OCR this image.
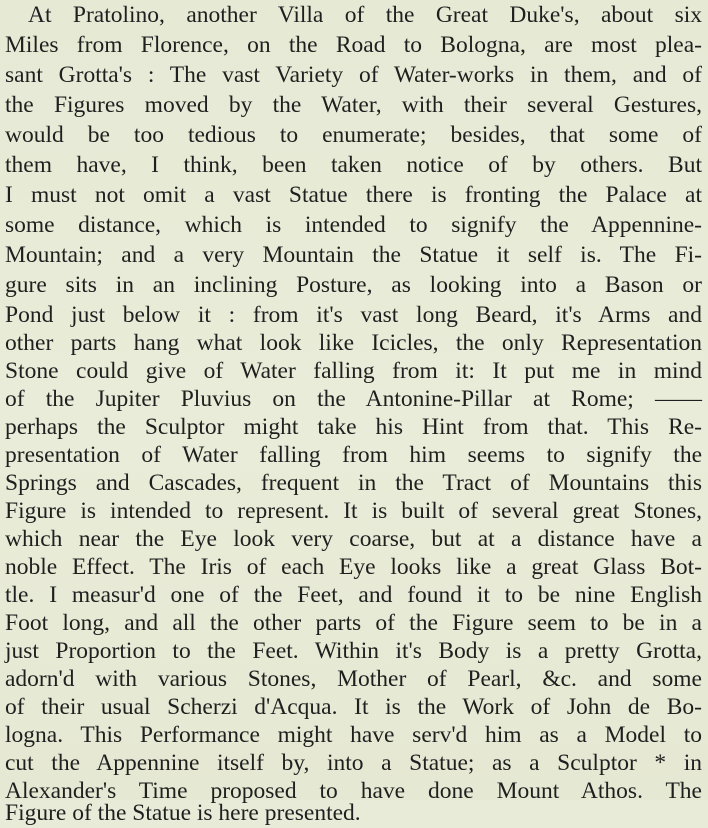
At Pratolino, another Villa of the Great Duke's, about six
Miles from Florence, on the Road to Bologna, are most plea-
sant Grotta's : The vast Variety of Water-works in them, and of
the Figures moved by the Water, with their several Gestures,
would be too tedious to enumerate; besides, that some of
them have, I think, been taken notice of by others. But
I must not omit a vast Statue there is fronting the Palace at
some distance, which is intended to signify the Appennine-
Mountain; and a very Mountain the Statue it self is. The Fi-
gure sits in an inclining Posture, as looking into a Bason or
Pond just below it : from it's vast long Beard, it's Arms and
other parts hang what look like Icicles, the only Representation
Stone could give of Water falling from it: It put me in mind
of the Jupiter Pluvius on the Antonine-Pillar at Rome; ——
perhaps the Sculptor might take his Hint from that. This Re-
presentation of Water falling from him seems to signify the
Springs and Cascades, frequent in the Tract of Mountains this
Figure is intended to represent. It is built of several great Stones,
which near the Eye look very coarse, but at a distance have a
noble Effect. The Iris of each Eye looks like a great Glass Bot-
tle. I measur'd one of the Feet, and found it to be nine English
Foot long, and all the other parts of the Figure seem to be in a
just Proportion to the Feet. Within it's Body is a pretty Grotta,
adorn'd with various Stones, Mother of Pearl, &c. and some
of their usual Scherzi d'Acqua. It is the Work of John de Bo-
logna. This Performance might have serv'd him as a Model to
cut the Appennine itself by, into a Statue; as a Sculptor * in
Alexander's Time proposed to have done Mount Athos. The
Figure of the Statue is here presented.
